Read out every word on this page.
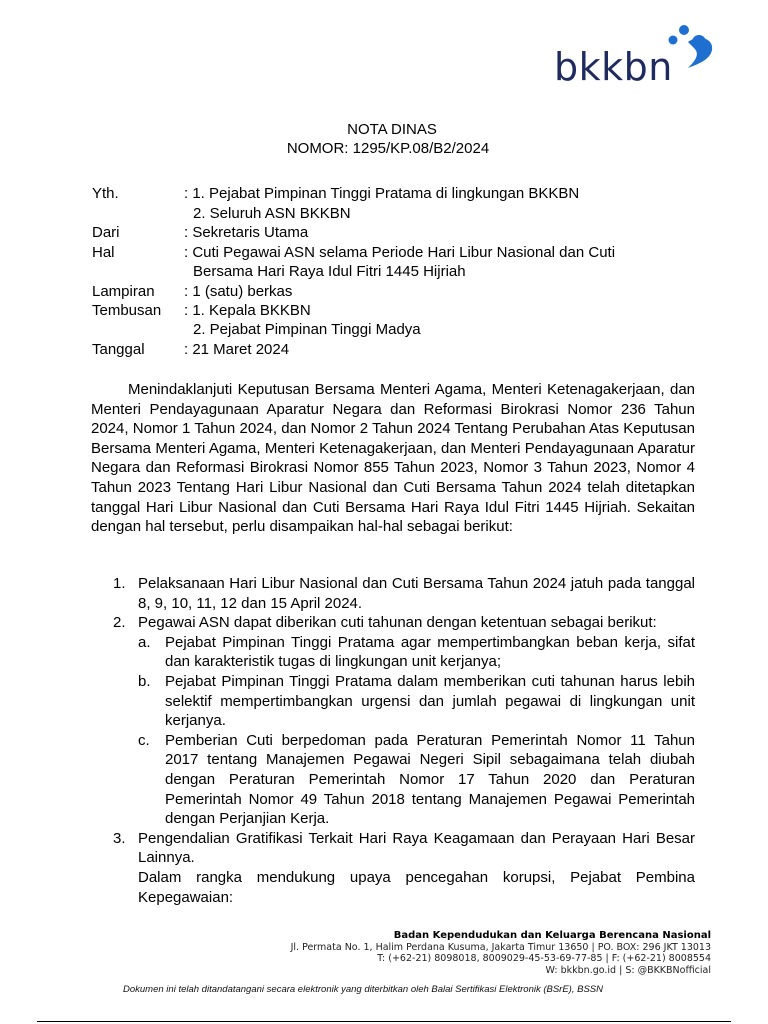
bkkbn
NOTA DINAS
NOMOR: 1295/KP.08/B2/2024
Yth.	: 1. Pejabat Pimpinan Tinggi Pratama di lingkungan BKKBN
2. Seluruh ASN BKKBN
Dari	: Sekretaris Utama
Hal	: Cuti Pegawai ASN selama Periode Hari Libur Nasional dan Cuti
Bersama Hari Raya Idul Fitri 1445 Hijriah
Lampiran : 1 (satu) berkas
Tembusan : 1. Kepala BKKBN
2. Pejabat Pimpinan Tinggi Madya
Tanggal	: 21 Maret 2024

Menindaklanjuti Keputusan Bersama Menteri Agama, Menteri Ketenagakerjaan, dan Menteri Pendayagunaan Aparatur Negara dan Reformasi Birokrasi Nomor 236 Tahun 2024, Nomor 1 Tahun 2024, dan Nomor 2 Tahun 2024 Tentang Perubahan Atas Keputusan Bersama Menteri Agama, Menteri Ketenagakerjaan, dan Menteri Pendayagunaan Aparatur Negara dan Reformasi Birokrasi Nomor 855 Tahun 2023, Nomor 3 Tahun 2023, Nomor 4 Tahun 2023 Tentang Hari Libur Nasional dan Cuti Bersama Tahun 2024 telah ditetapkan tanggal Hari Libur Nasional dan Cuti Bersama Hari Raya Idul Fitri 1445 Hijriah. Sekaitan dengan hal tersebut, perlu disampaikan hal-hal sebagai berikut:

1. Pelaksanaan Hari Libur Nasional dan Cuti Bersama Tahun 2024 jatuh pada tanggal 8, 9, 10, 11, 12 dan 15 April 2024.
2. Pegawai ASN dapat diberikan cuti tahunan dengan ketentuan sebagai berikut:
a. Pejabat Pimpinan Tinggi Pratama agar mempertimbangkan beban kerja, sifat dan karakteristik tugas di lingkungan unit kerjanya;
b. Pejabat Pimpinan Tinggi Pratama dalam memberikan cuti tahunan harus lebih selektif mempertimbangkan urgensi dan jumlah pegawai di lingkungan unit kerjanya.
c. Pemberian Cuti berpedoman pada Peraturan Pemerintah Nomor 11 Tahun 2017 tentang Manajemen Pegawai Negeri Sipil sebagaimana telah diubah dengan Peraturan Pemerintah Nomor 17 Tahun 2020 dan Peraturan Pemerintah Nomor 49 Tahun 2018 tentang Manajemen Pegawai Pemerintah dengan Perjanjian Kerja.
3. Pengendalian Gratifikasi Terkait Hari Raya Keagamaan dan Perayaan Hari Besar Lainnya.
Dalam rangka mendukung upaya pencegahan korupsi, Pejabat Pembina Kepegawaian:
Badan Kependudukan dan Keluarga Berencana Nasional
Jl. Permata No. 1, Halim Perdana Kusuma, Jakarta Timur 13650 | PO. BOX: 296 JKT 13013
T: (+62-21) 8098018, 8009029-45-53-69-77-85 | F: (+62-21) 8008554
W: bkkbn.go.id | S: @BKKBNofficial
Dokumen ini telah ditandatangani secara elektronik yang diterbitkan oleh Balai Sertifikasi Elektronik (BSrE), BSSN
